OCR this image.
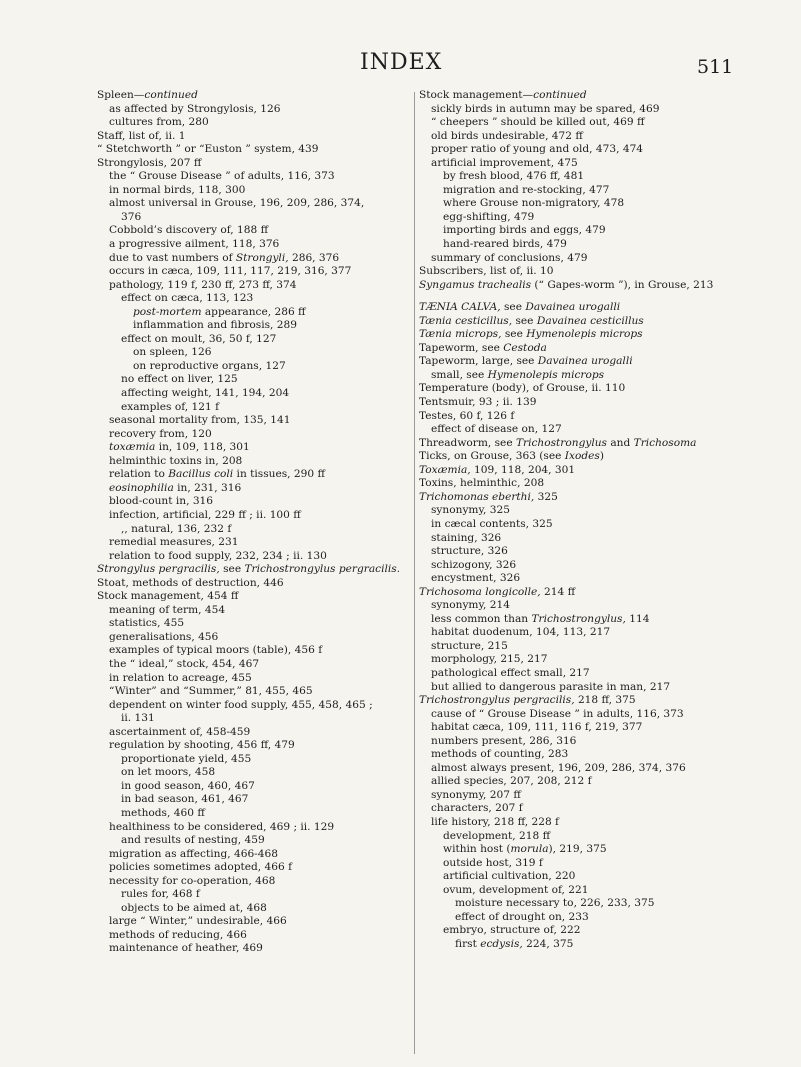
INDEX	511
Spleen—continued
as affected by Strongylosis, 126
cultures from, 280
Staff, list of, ii. 1
“ Stetchworth ” or “Euston ” system, 439
Strongylosis, 207 ff
the “ Grouse Disease ” of adults, 116, 373
in normal birds, 118, 300
almost universal in Grouse, 196, 209, 286, 374,
376
Cobbold’s discovery of, 188 ff
a progressive ailment, 118, 376
due to vast numbers of Strongyli, 286, 376
occurs in cæca, 109, 111, 117, 219, 316, 377
pathology, 119 f, 230 ff, 273 ff, 374
effect on cæca, 113, 123
post-mortem appearance, 286 ff
inflammation and fibrosis, 289
effect on moult, 36, 50 f, 127
on spleen, 126
on reproductive organs, 127
no effect on liver, 125
affecting weight, 141, 194, 204
examples of, 121 f
seasonal mortality from, 135, 141
recovery from, 120
toxæmia in, 109, 118, 301
helminthic toxins in, 208
relation to Bacillus coli in tissues, 290 ff
eosinophilia in, 231, 316
blood-count in, 316
infection, artificial, 229 ff ; ii. 100 ff
,, natural, 136, 232 f
remedial measures, 231
relation to food supply, 232, 234 ; ii. 130
Strongylus pergracilis, see Trichostrongylus pergracilis.
Stoat, methods of destruction, 446
Stock management, 454 ff
meaning of term, 454
statistics, 455
generalisations, 456
examples of typical moors (table), 456 f
the “ ideal,” stock, 454, 467
in relation to acreage, 455
“Winter” and “Summer,” 81, 455, 465
dependent on winter food supply, 455, 458, 465 ;
ii. 131
ascertainment of, 458-459
regulation by shooting, 456 ff, 479
proportionate yield, 455
on let moors, 458
in good season, 460, 467
in bad season, 461, 467
methods, 460 ff
healthiness to be considered, 469 ; ii. 129
and results of nesting, 459
migration as affecting, 466-468
policies sometimes adopted, 466 f
necessity for co-operation, 468
rules for, 468 f
objects to be aimed at, 468
large “ Winter,” undesirable, 466
methods of reducing, 466
maintenance of heather, 469
Stock management—continued
sickly birds in autumn may be spared, 469
“ cheepers ” should be killed out, 469 ff
old birds undesirable, 472 ff
proper ratio of young and old, 473, 474
artificial improvement, 475
by fresh blood, 476 ff, 481
migration and re-stocking, 477
where Grouse non-migratory, 478
egg-shifting, 479
importing birds and eggs, 479
hand-reared birds, 479
summary of conclusions, 479
Subscribers, list of, ii. 10
Syngamus trachealis (“ Gapes-worm ”), in Grouse, 213
TÆNIA CALVA, see Davainea urogalli
Tænia cesticillus, see Davainea cesticillus
Tænia microps, see Hymenolepis microps
Tapeworm, see Cestoda
Tapeworm, large, see Davainea urogalli
small, see Hymenolepis microps
Temperature (body), of Grouse, ii. 110
Tentsmuir, 93 ; ii. 139
Testes, 60 f, 126 f
effect of disease on, 127
Threadworm, see Trichostrongylus and Trichosoma
Ticks, on Grouse, 363 (see Ixodes)
Toxæmia, 109, 118, 204, 301
Toxins, helminthic, 208
Trichomonas eberthi, 325
synonymy, 325
in cæcal contents, 325
staining, 326
structure, 326
schizogony, 326
encystment, 326
Trichosoma longicolle, 214 ff
synonymy, 214
less common than Trichostrongylus, 114
habitat duodenum, 104, 113, 217
structure, 215
morphology, 215, 217
pathological effect small, 217
but allied to dangerous parasite in man, 217
Trichostrongylus pergracilis, 218 ff, 375
cause of “ Grouse Disease ” in adults, 116, 373
habitat cæca, 109, 111, 116 f, 219, 377
numbers present, 286, 316
methods of counting, 283
almost always present, 196, 209, 286, 374, 376
allied species, 207, 208, 212 f
synonymy, 207 ff
characters, 207 f
life history, 218 ff, 228 f
development, 218 ff
within host (morula), 219, 375
outside host, 319 f
artificial cultivation, 220
ovum, development of, 221
moisture necessary to, 226, 233, 375
effect of drought on, 233
embryo, structure of, 222
first ecdysis, 224, 375
